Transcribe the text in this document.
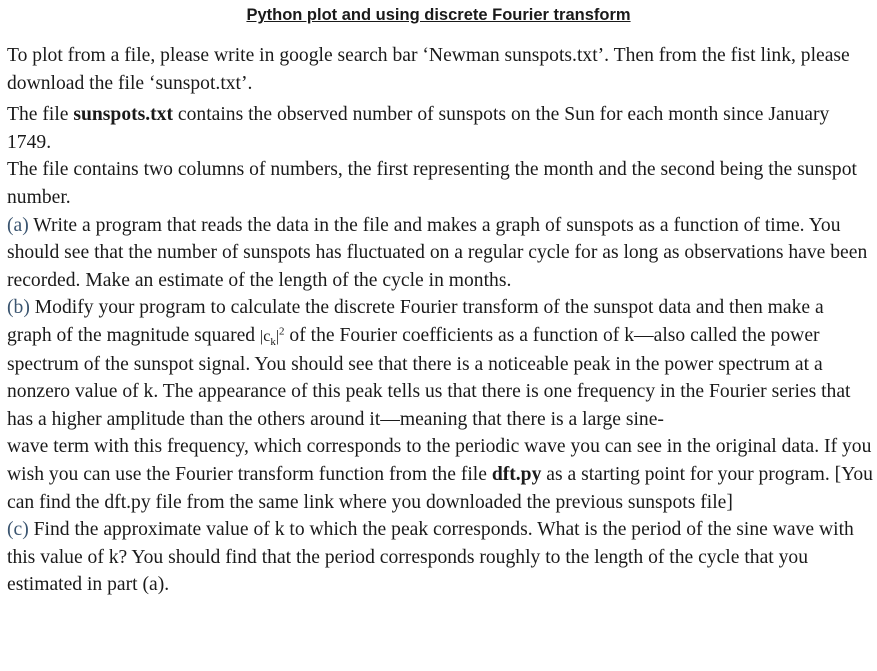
Python plot and using discrete Fourier transform

To plot from a file, please write in google search bar ‘Newman sunspots.txt’. Then from the fist link, please download the file ‘sunspot.txt’.

The file sunspots.txt contains the observed number of sunspots on the Sun for each month since January 1749.

The file contains two columns of numbers, the first representing the month and the second being the sunspot number.

(a) Write a program that reads the data in the file and makes a graph of sunspots as a function of time. You should see that the number of sunspots has fluctuated on a regular cycle for as long as observations have been recorded. Make an estimate of the length of the cycle in months.

(b) Modify your program to calculate the discrete Fourier transform of the sunspot data and then make a graph of the magnitude squared $|c_k|^2$ of the Fourier coefficients as a function of k—also called the power spectrum of the sunspot signal. You should see that there is a noticeable peak in the power spectrum at a nonzero value of k. The appearance of this peak tells us that there is one frequency in the Fourier series that has a higher amplitude than the others around it—meaning that there is a large sine-
wave term with this frequency, which corresponds to the periodic wave you can see in the original data. If you wish you can use the Fourier transform function from the file dft.py as a starting point for your program. [You can find the dft.py file from the same link where you downloaded the previous sunspots file]

(c) Find the approximate value of k to which the peak corresponds. What is the period of the sine wave with this value of k? You should find that the period corresponds roughly to the length of the cycle that you estimated in part (a).
